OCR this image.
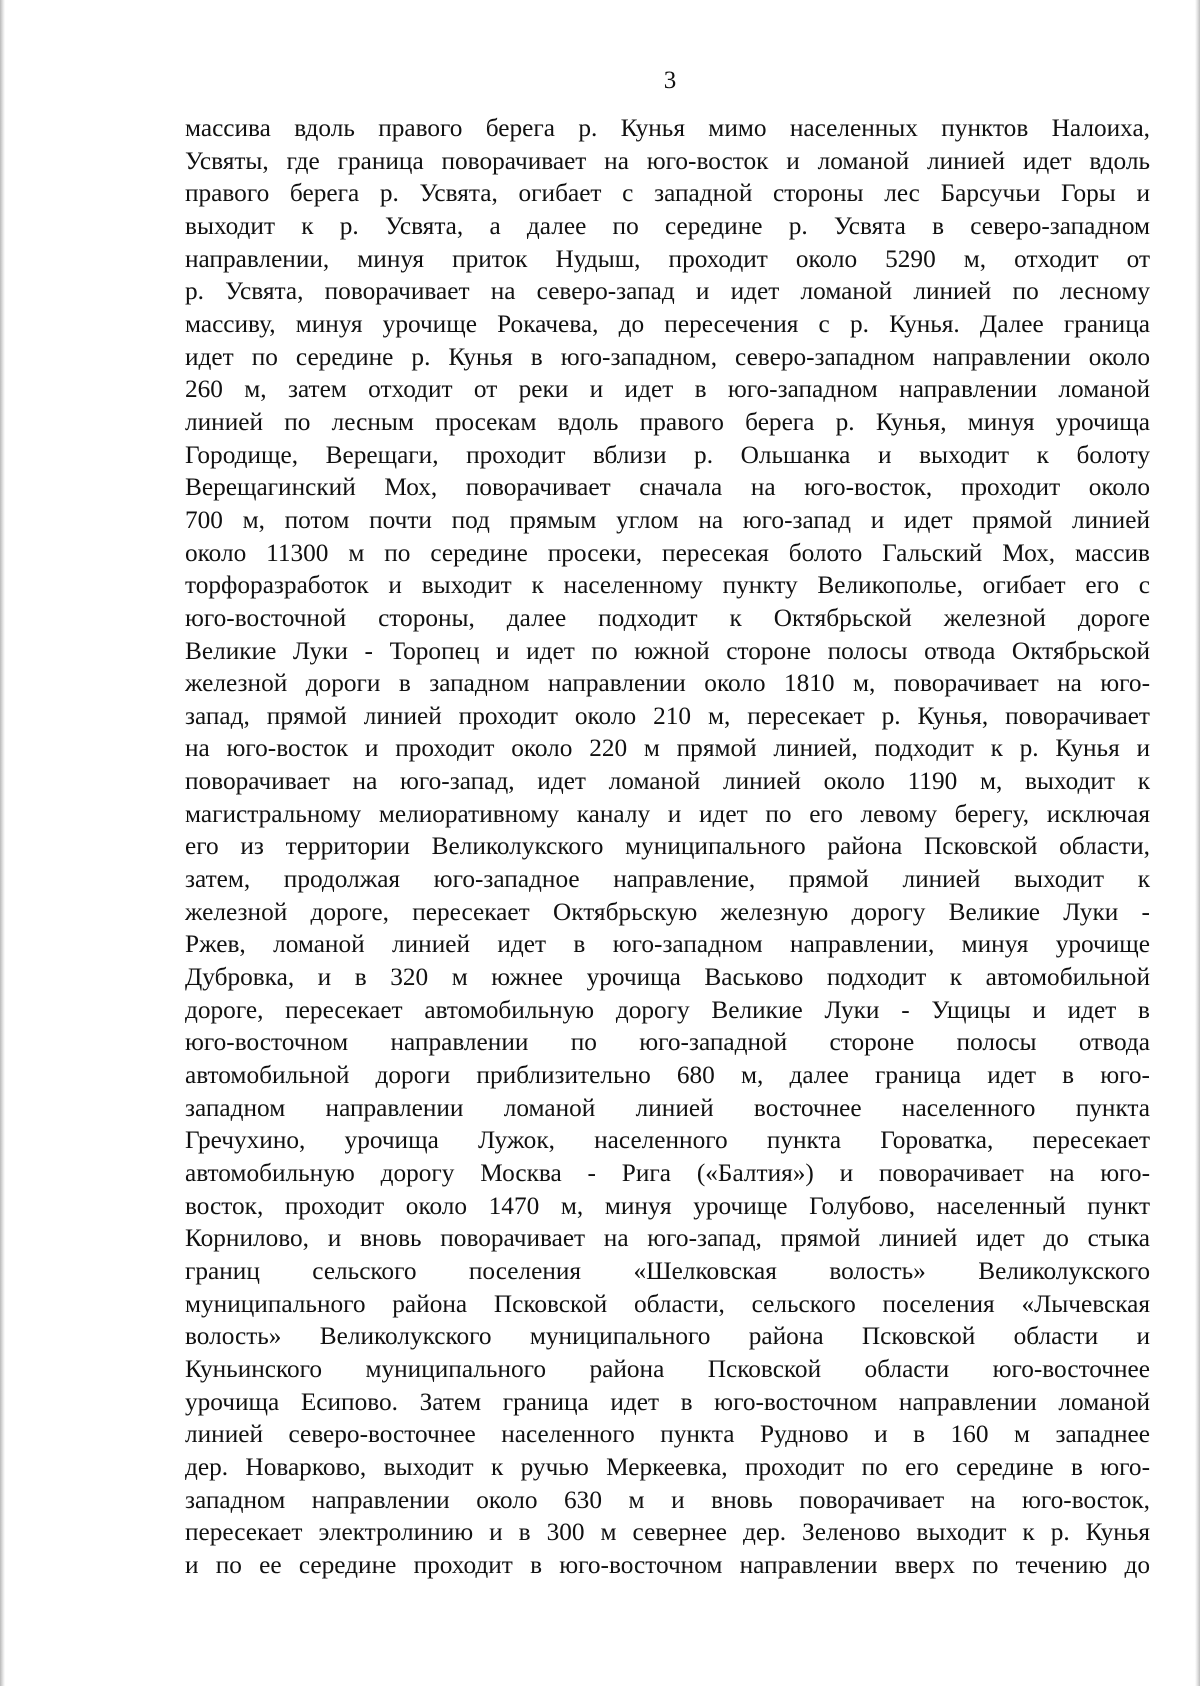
3
массива вдоль правого берега р. Кунья мимо населенных пунктов Налоиха,
Усвяты, где граница поворачивает на юго-восток и ломаной линией идет вдоль
правого берега р. Усвята, огибает с западной стороны лес Барсучьи Горы и
выходит к р. Усвята, а далее по середине р. Усвята в северо-западном
направлении, минуя приток Нудыш, проходит около 5290 м, отходит от
р. Усвята, поворачивает на северо-запад и идет ломаной линией по лесному
массиву, минуя урочище Рокачева, до пересечения с р. Кунья. Далее граница
идет по середине р. Кунья в юго-западном, северо-западном направлении около
260 м, затем отходит от реки и идет в юго-западном направлении ломаной
линией по лесным просекам вдоль правого берега р. Кунья, минуя урочища
Городище, Верещаги, проходит вблизи р. Ольшанка и выходит к болоту
Верещагинский Мох, поворачивает сначала на юго-восток, проходит около
700 м, потом почти под прямым углом на юго-запад и идет прямой линией
около 11300 м по середине просеки, пересекая болото Гальский Мох, массив
торфоразработок и выходит к населенному пункту Великополье, огибает его с
юго-восточной стороны, далее подходит к Октябрьской железной дороге
Великие Луки - Торопец и идет по южной стороне полосы отвода Октябрьской
железной дороги в западном направлении около 1810 м, поворачивает на юго-
запад, прямой линией проходит около 210 м, пересекает р. Кунья, поворачивает
на юго-восток и проходит около 220 м прямой линией, подходит к р. Кунья и
поворачивает на юго-запад, идет ломаной линией около 1190 м, выходит к
магистральному мелиоративному каналу и идет по его левому берегу, исключая
его из территории Великолукского муниципального района Псковской области,
затем, продолжая юго-западное направление, прямой линией выходит к
железной дороге, пересекает Октябрьскую железную дорогу Великие Луки -
Ржев, ломаной линией идет в юго-западном направлении, минуя урочище
Дубровка, и в 320 м южнее урочища Васьково подходит к автомобильной
дороге, пересекает автомобильную дорогу Великие Луки - Ущицы и идет в
юго-восточном направлении по юго-западной стороне полосы отвода
автомобильной дороги приблизительно 680 м, далее граница идет в юго-
западном направлении ломаной линией восточнее населенного пункта
Гречухино, урочища Лужок, населенного пункта Гороватка, пересекает
автомобильную дорогу Москва - Рига («Балтия») и поворачивает на юго-
восток, проходит около 1470 м, минуя урочище Голубово, населенный пункт
Корнилово, и вновь поворачивает на юго-запад, прямой линией идет до стыка
границ сельского поселения «Шелковская волость» Великолукского
муниципального района Псковской области, сельского поселения «Лычевская
волость» Великолукского муниципального района Псковской области и
Куньинского муниципального района Псковской области юго-восточнее
урочища Есипово. Затем граница идет в юго-восточном направлении ломаной
линией северо-восточнее населенного пункта Руднoво и в 160 м западнее
дер. Новарково, выходит к ручью Меркеевка, проходит по его середине в юго-
западном направлении около 630 м и вновь поворачивает на юго-восток,
пересекает электролинию и в 300 м севернее дер. Зеленово выходит к р. Кунья
и по ее середине проходит в юго-восточном направлении вверх по течению до
